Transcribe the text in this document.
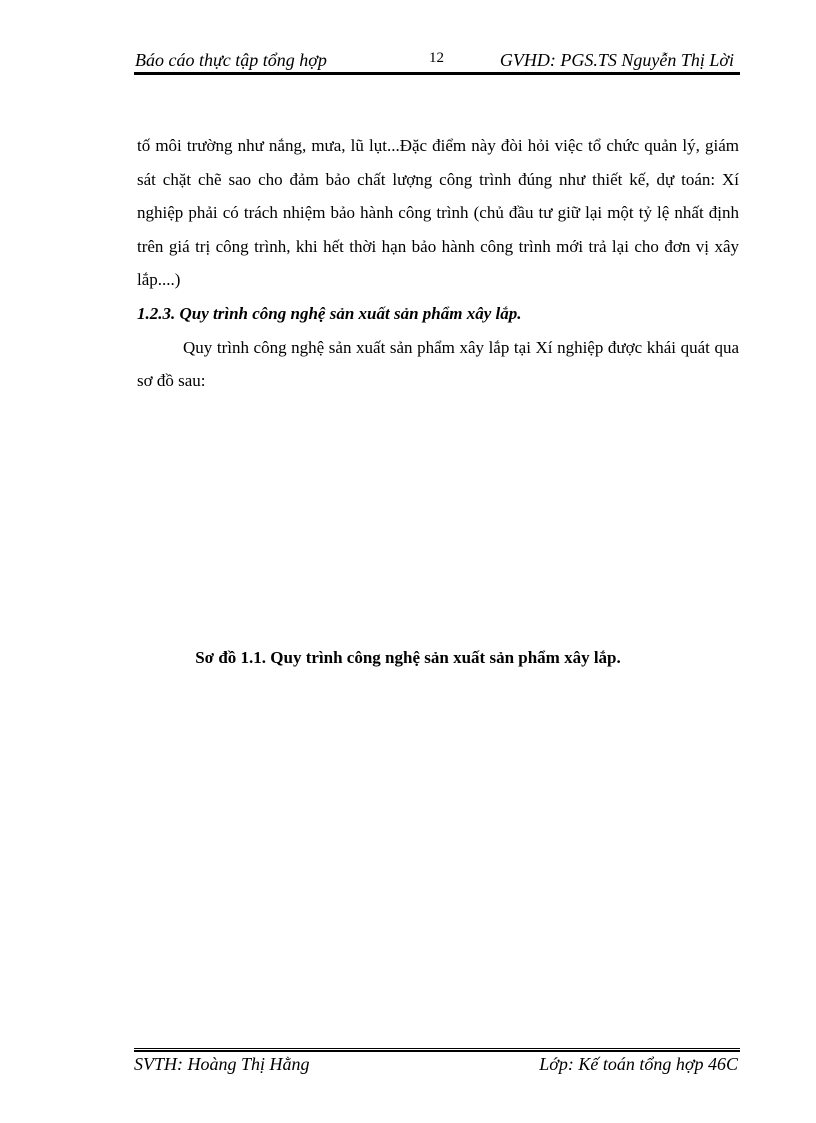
Báo cáo thực tập tổng hợp	12	GVHD: PGS.TS Nguyễn Thị Lời

tố môi trường như nắng, mưa, lũ lụt...Đặc điểm này đòi hỏi việc tổ chức quản lý, giám sát chặt chẽ sao cho đảm bảo chất lượng công trình đúng như thiết kế, dự toán: Xí nghiệp phải có trách nhiệm bảo hành công trình (chủ đầu tư giữ lại một tỷ lệ nhất định trên giá trị công trình, khi hết thời hạn bảo hành công trình mới trả lại cho đơn vị xây lắp....)

1.2.3. Quy trình công nghệ sản xuất sản phẩm xây lắp.

Quy trình công nghệ sản xuất sản phẩm xây lắp tại Xí nghiệp được khái quát qua sơ đồ sau:

Sơ đồ 1.1. Quy trình công nghệ sản xuất sản phẩm xây lắp.
SVTH: Hoàng Thị Hằng	Lớp: Kế toán tổng hợp 46C
